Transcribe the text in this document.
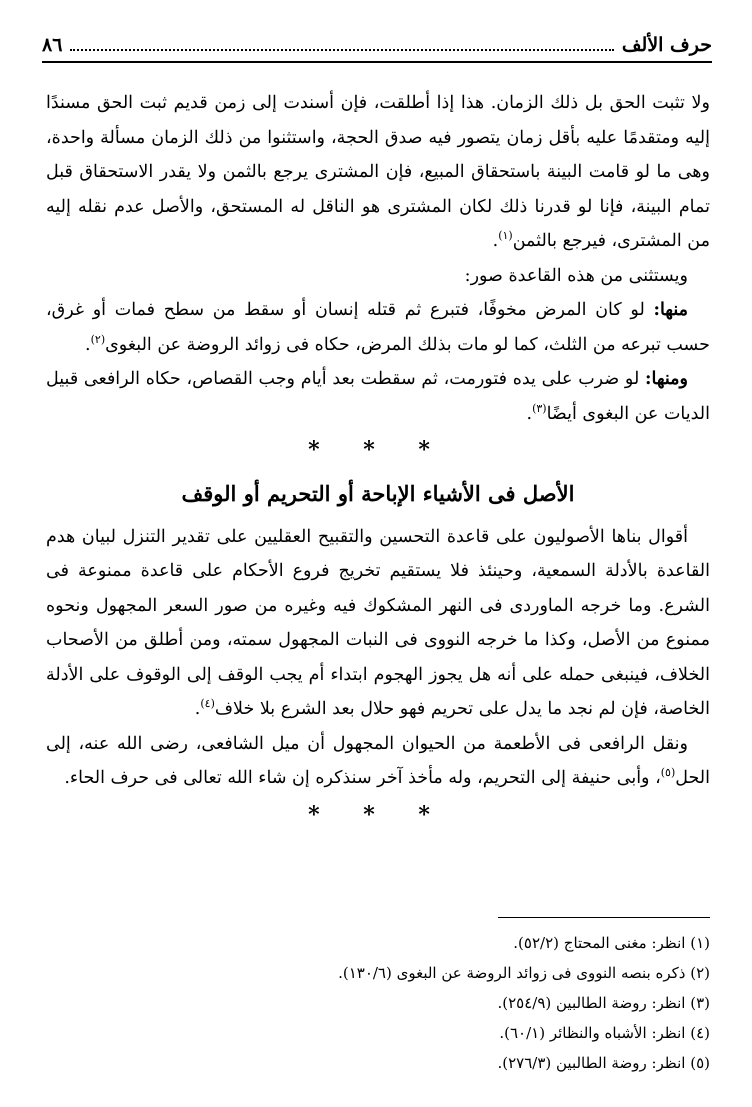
حرف الألف
٨٦

ولا تثبت الحق بل ذلك الزمان. هذا إذا أطلقت، فإن أسندت إلى زمن قديم ثبت الحق مسندًا إليه ومتقدمًا عليه بأقل زمان يتصور فيه صدق الحجة، واستثنوا من ذلك الزمان مسألة واحدة، وهى ما لو قامت البينة باستحقاق المبيع، فإن المشترى يرجع بالثمن ولا يقدر الاستحقاق قبل تمام البينة، فإنا لو قدرنا ذلك لكان المشترى هو الناقل له المستحق، والأصل عدم نقله إليه من المشترى، فيرجع بالثمن$^{(١)}$.

ويستثنى من هذه القاعدة صور:

منها: لو كان المرض مخوفًا، فتبرع ثم قتله إنسان أو سقط من سطح فمات أو غرق، حسب تبرعه من الثلث، كما لو مات بذلك المرض، حكاه فى زوائد الروضة عن البغوى$^{(٢)}$.

ومنها: لو ضرب على يده فتورمت، ثم سقطت بعد أيام وجب القصاص، حكاه الرافعى قبيل الديات عن البغوى أيضًا$^{(٣)}$.

* * *
الأصل فى الأشياء الإباحة أو التحريم أو الوقف

أقوال بناها الأصوليون على قاعدة التحسين والتقبيح العقليين على تقدير التنزل لبيان هدم القاعدة بالأدلة السمعية، وحينئذ فلا يستقيم تخريج فروع الأحكام على قاعدة ممنوعة فى الشرع. وما خرجه الماوردى فى النهر المشكوك فيه وغيره من صور السعر المجهول ونحوه ممنوع من الأصل، وكذا ما خرجه النووى فى النبات المجهول سمته، ومن أطلق من الأصحاب الخلاف، فينبغى حمله على أنه هل يجوز الهجوم ابتداء أم يجب الوقف إلى الوقوف على الأدلة الخاصة، فإن لم نجد ما يدل على تحريم فهو حلال بعد الشرع بلا خلاف$^{(٤)}$.

ونقل الرافعى فى الأطعمة من الحيوان المجهول أن ميل الشافعى، رضى الله عنه، إلى الحل$^{(٥)}$، وأبى حنيفة إلى التحريم، وله مأخذ آخر سنذكره إن شاء الله تعالى فى حرف الحاء.

* * *
(١) انظر: مغنى المحتاج (٥٢/٢).
(٢) ذكره بنصه النووى فى زوائد الروضة عن البغوى (١٣٠/٦).
(٣) انظر: روضة الطالبين (٢٥٤/٩).
(٤) انظر: الأشباه والنظائر (٦٠/١).
(٥) انظر: روضة الطالبين (٢٧٦/٣).
